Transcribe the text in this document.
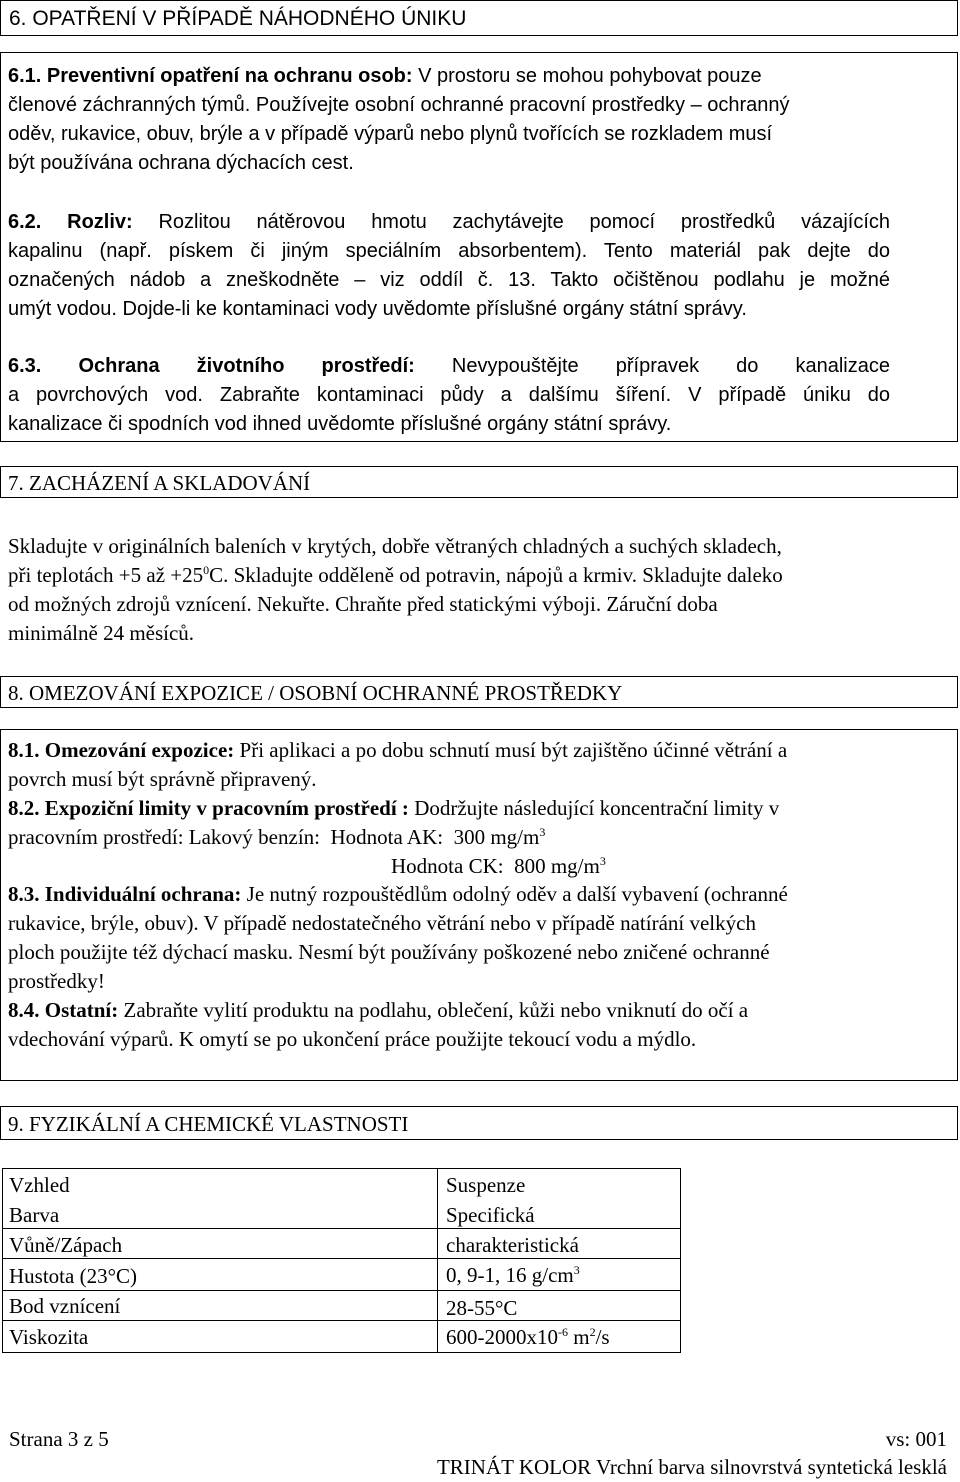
6. OPATŘENÍ V PŘÍPADĚ NÁHODNÉHO ÚNIKU

6.1. Preventivní opatření na ochranu osob: V prostoru se mohou pohybovat pouze

členové záchranných týmů. Používejte osobní ochranné pracovní prostředky – ochranný

oděv, rukavice, obuv, brýle a v případě výparů nebo plynů tvořících se rozkladem musí

být používána ochrana dýchacích cest.

6.2. Rozliv: Rozlitou nátěrovou hmotu zachytávejte pomocí prostředků vázajících

kapalinu (např. pískem či jiným speciálním absorbentem). Tento materiál pak dejte do

označených nádob a zneškodněte – viz oddíl č. 13. Takto očištěnou podlahu je možné

umýt vodou. Dojde-li ke kontaminaci vody uvědomte příslušné orgány státní správy.

6.3. Ochrana životního prostředí: Nevypouštějte přípravek do kanalizace

a povrchových vod. Zabraňte kontaminaci půdy a dalšímu šíření. V případě úniku do

kanalizace či spodních vod ihned uvědomte příslušné orgány státní správy.

7. ZACHÁZENÍ A SKLADOVÁNÍ

Skladujte v originálních baleních v krytých, dobře větraných chladných a suchých skladech,

při teplotách +5 až $+25^0C$. Skladujte odděleně od potravin, nápojů a krmiv. Skladujte daleko

od možných zdrojů vznícení. Nekuřte. Chraňte před statickými výboji. Záruční doba

minimálně 24 měsíců.

8. OMEZOVÁNÍ EXPOZICE / OSOBNÍ OCHRANNÉ PROSTŘEDKY

8.1. Omezování expozice: Při aplikaci a po dobu schnutí musí být zajištěno účinné větrání a

povrch musí být správně připravený.

8.2. Expoziční limity v pracovním prostředí : Dodržujte následující koncentrační limity v

pracovním prostředí: Lakový benzín: Hodnota AK: 300 $mg/m^3$

Hodnota CK: 800 $mg/m^3$

8.3. Individuální ochrana: Je nutný rozpouštědlům odolný oděv a další vybavení (ochranné

rukavice, brýle, obuv). V případě nedostatečného větrání nebo v případě natírání velkých

ploch použijte též dýchací masku. Nesmí být používány poškozené nebo zničené ochranné

prostředky!

8.4. Ostatní: Zabraňte vylití produktu na podlahu, oblečení, kůži nebo vniknutí do očí a

vdechování výparů. K omytí se po ukončení práce použijte tekoucí vodu a mýdlo.

9. FYZIKÁLNÍ A CHEMICKÉ VLASTNOSTI

Vzhled	Suspenze
Barva	Specifická
Vůně/Zápach	charakteristická
Hustota (23°C)	0, 9-1, 16 $g/cm^3$
Bod vznícení	28-55°C
Viskozita	$600-2000x10^{-6}$ $m^2/s$

Strana 3 z 5	vs: 001

TRINÁT KOLOR Vrchní barva silnovrstvá syntetická lesklá
